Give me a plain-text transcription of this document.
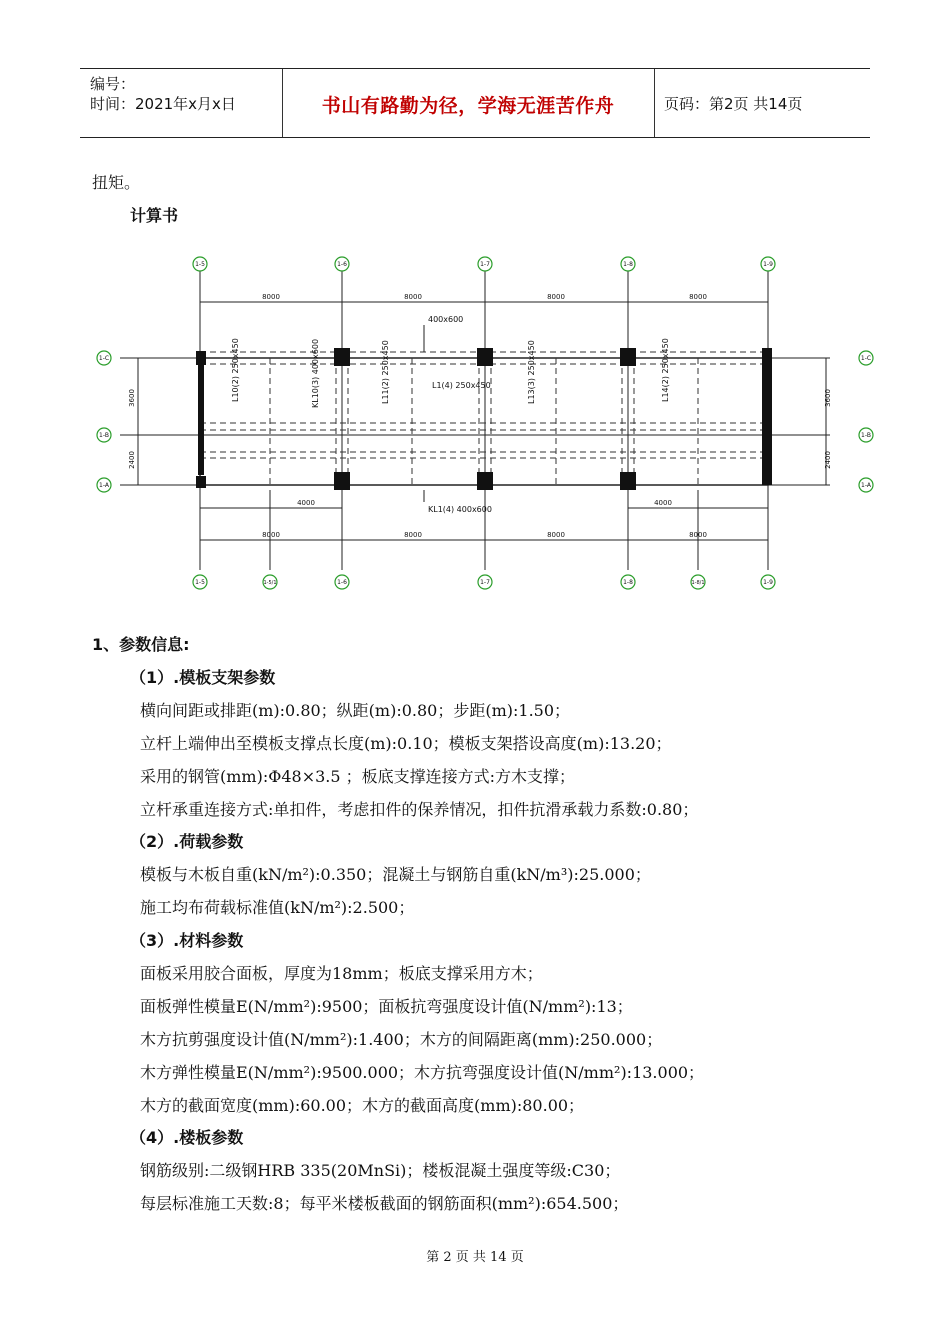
编号：
时间：2021年x月x日	书山有路勤为径，学海无涯苦作舟	页码：第2页 共14页
扭矩。
计算书
1-5	1-6	1-7	1-8	1-9
1-5	1-5/1	1-6	1-7	1-8	1-8/1	1-9
1-C
1-B
1-A
1-C
1-B
1-A
8000	8000	8000	8000
8000	8000	8000	8000
4000	4000
3600
2400
3600
2400
400x600
L10(2) 250x450	KL10(3) 400x600	L11(2) 250x450	L1(4) 250x450	L13(3) 250x450	L14(2) 250x450
KL1(4) 400x600
1、参数信息:
（1）.模板支架参数
横向间距或排距(m):0.80；纵距(m):0.80；步距(m):1.50；
立杆上端伸出至模板支撑点长度(m):0.10；模板支架搭设高度(m):13.20；
采用的钢管(mm):Φ48×3.5 ；板底支撑连接方式:方木支撑；
立杆承重连接方式:单扣件，考虑扣件的保养情况，扣件抗滑承载力系数:0.80；
（2）.荷载参数
模板与木板自重(kN/m²):0.350；混凝土与钢筋自重(kN/m³):25.000；
施工均布荷载标准值(kN/m²):2.500；
（3）.材料参数
面板采用胶合面板，厚度为18mm；板底支撑采用方木；
面板弹性模量E(N/mm²):9500；面板抗弯强度设计值(N/mm²):13；
木方抗剪强度设计值(N/mm²):1.400；木方的间隔距离(mm):250.000；
木方弹性模量E(N/mm²):9500.000；木方抗弯强度设计值(N/mm²):13.000；
木方的截面宽度(mm):60.00；木方的截面高度(mm):80.00；
（4）.楼板参数
钢筋级别:二级钢HRB 335(20MnSi)；楼板混凝土强度等级:C30；
每层标准施工天数:8；每平米楼板截面的钢筋面积(mm²):654.500；
第 2 页 共 14 页
